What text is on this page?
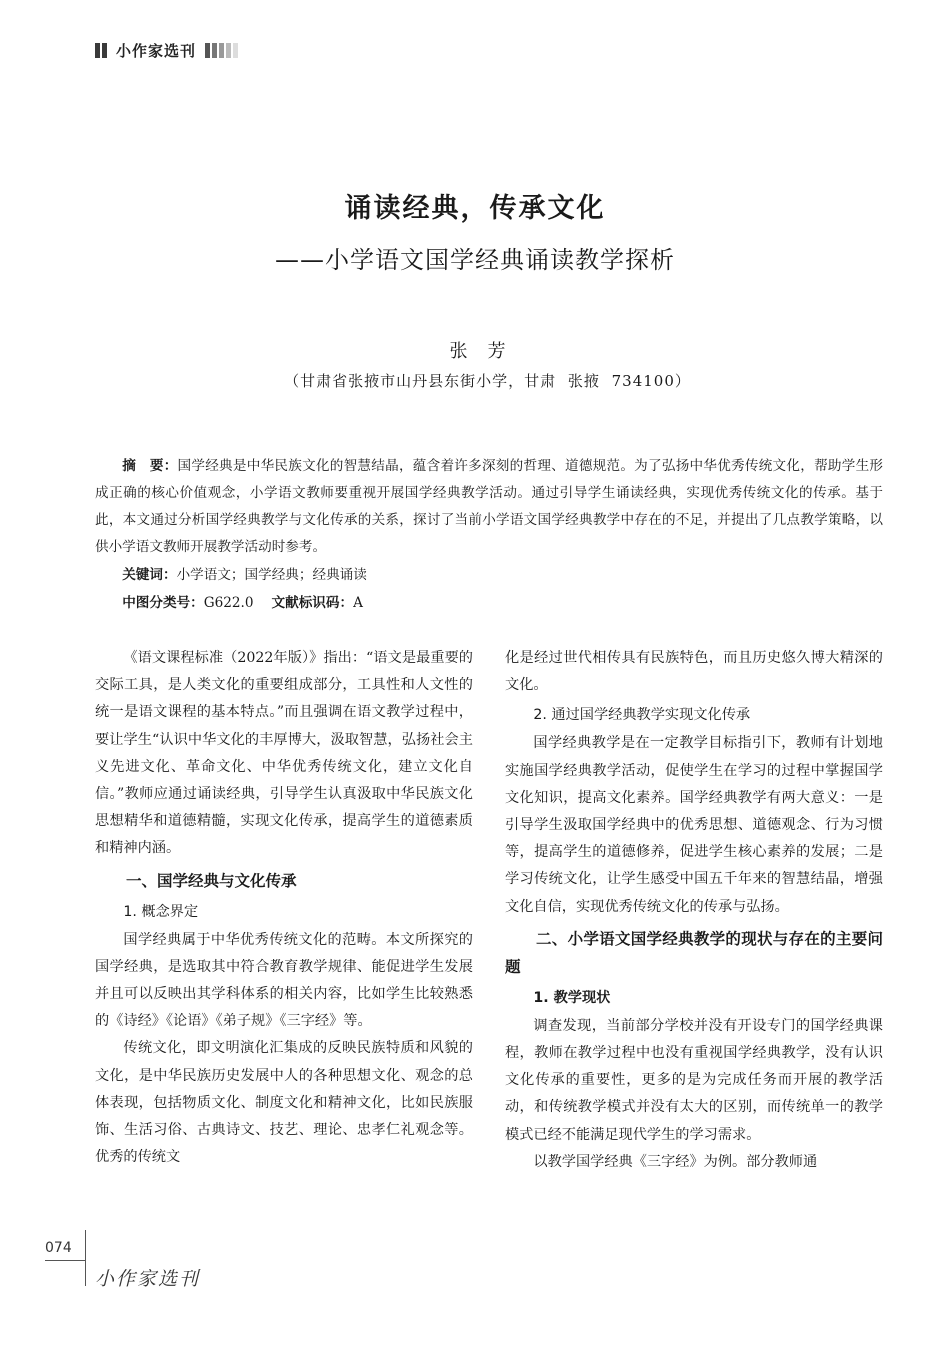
小作家选刊
诵读经典，传承文化
——小学语文国学经典诵读教学探析
张芳
（甘肃省张掖市山丹县东街小学，甘肃 张掖 734100）

摘　要：国学经典是中华民族文化的智慧结晶，蕴含着许多深刻的哲理、道德规范。为了弘扬中华优秀传统文化，帮助学生形成正确的核心价值观念，小学语文教师要重视开展国学经典教学活动。通过引导学生诵读经典，实现优秀传统文化的传承。基于此，本文通过分析国学经典教学与文化传承的关系，探讨了当前小学语文国学经典教学中存在的不足，并提出了几点教学策略，以供小学语文教师开展教学活动时参考。

关键词：小学语文；国学经典；经典诵读
中图分类号：G622.0 文献标识码：A

《语文课程标准（2022年版）》指出：“语文是最重要的交际工具，是人类文化的重要组成部分，工具性和人文性的统一是语文课程的基本特点。”而且强调在语文教学过程中，要让学生“认识中华文化的丰厚博大，汲取智慧，弘扬社会主义先进文化、革命文化、中华优秀传统文化，建立文化自信。”教师应通过诵读经典，引导学生认真汲取中华民族文化思想精华和道德精髓，实现文化传承，提高学生的道德素质和精神内涵。

一、国学经典与文化传承
1. 概念界定

国学经典属于中华优秀传统文化的范畴。本文所探究的国学经典，是选取其中符合教育教学规律、能促进学生发展并且可以反映出其学科体系的相关内容，比如学生比较熟悉的《诗经》《论语》《弟子规》《三字经》等。

传统文化，即文明演化汇集成的反映民族特质和风貌的文化，是中华民族历史发展中人的各种思想文化、观念的总体表现，包括物质文化、制度文化和精神文化，比如民族服饰、生活习俗、古典诗文、技艺、理论、忠孝仁礼观念等。优秀的传统文

化是经过世代相传具有民族特色，而且历史悠久博大精深的文化。

2. 通过国学经典教学实现文化传承

国学经典教学是在一定教学目标指引下，教师有计划地实施国学经典教学活动，促使学生在学习的过程中掌握国学文化知识，提高文化素养。国学经典教学有两大意义：一是引导学生汲取国学经典中的优秀思想、道德观念、行为习惯等，提高学生的道德修养，促进学生核心素养的发展；二是学习传统文化，让学生感受中国五千年来的智慧结晶，增强文化自信，实现优秀传统文化的传承与弘扬。

二、小学语文国学经典教学的现状与存在的主要问题
1. 教学现状

调查发现，当前部分学校并没有开设专门的国学经典课程，教师在教学过程中也没有重视国学经典教学，没有认识文化传承的重要性，更多的是为完成任务而开展的教学活动，和传统教学模式并没有太大的区别，而传统单一的教学模式已经不能满足现代学生的学习需求。

以教学国学经典《三字经》为例。部分教师通

074
小作家选刊
